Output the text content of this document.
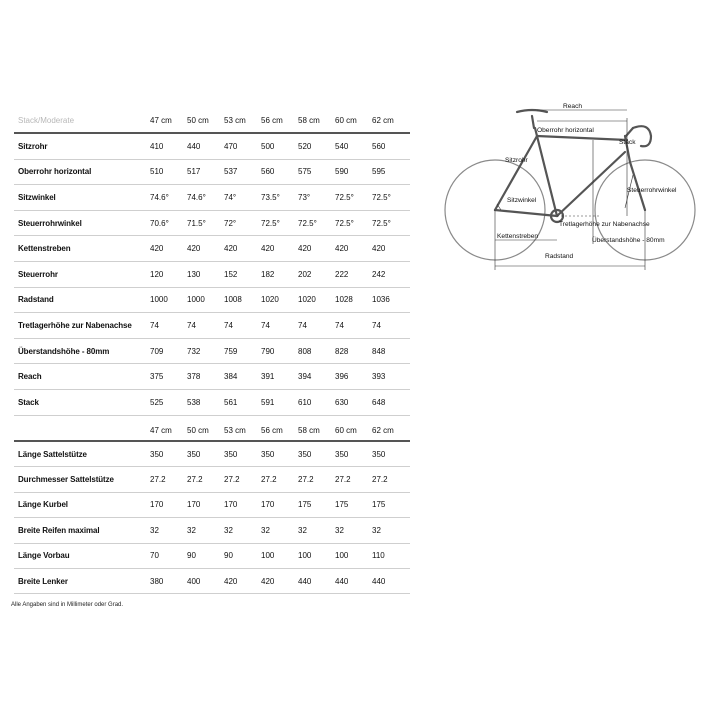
Stack/Moderate	47 cm	50 cm	53 cm	56 cm	58 cm	60 cm	62 cm
Sitzrohr	410	440	470	500	520	540	560
Oberrohr horizontal	510	517	537	560	575	590	595
Sitzwinkel	74.6°	74.6°	74°	73.5°	73°	72.5°	72.5°
Steuerrohrwinkel	70.6°	71.5°	72°	72.5°	72.5°	72.5°	72.5°
Kettenstreben	420	420	420	420	420	420	420
Steuerrohr	120	130	152	182	202	222	242
Radstand	1000	1000	1008	1020	1020	1028	1036
Tretlagerhöhe zur Nabenachse	74	74	74	74	74	74	74
Überstandshöhe - 80mm	709	732	759	790	808	828	848
Reach	375	378	384	391	394	396	393
Stack	525	538	561	591	610	630	648
	47 cm	50 cm	53 cm	56 cm	58 cm	60 cm	62 cm
Länge Sattelstütze	350	350	350	350	350	350	350
Durchmesser Sattelstütze	27.2	27.2	27.2	27.2	27.2	27.2	27.2
Länge Kurbel	170	170	170	170	175	175	175
Breite Reifen maximal	32	32	32	32	32	32	32
Länge Vorbau	70	90	90	100	100	100	110
Breite Lenker	380	400	420	420	440	440	440
Alle Angaben sind in Millimeter oder Grad.
Reach
Oberrohr horizontal
Stack
Sitzrohr
Steuerrohrwinkel
Sitzwinkel
Tretlagerhöhe zur Nabenachse
Kettenstreben
Überstandshöhe - 80mm
Radstand
